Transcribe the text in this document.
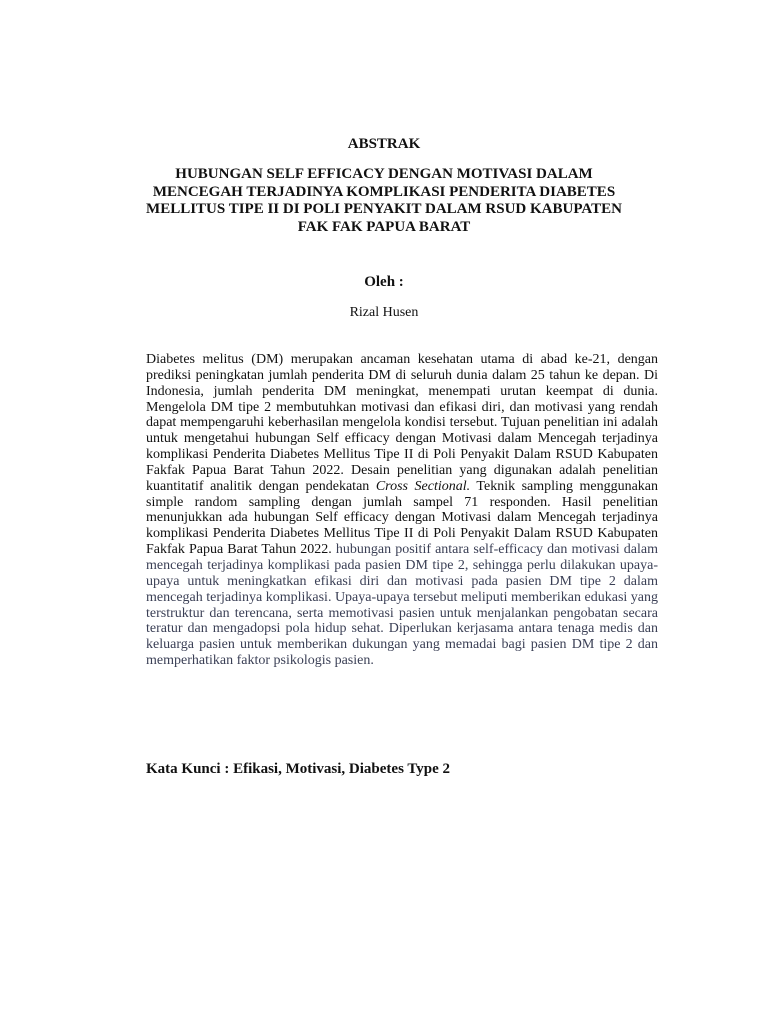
ABSTRAK
HUBUNGAN SELF EFFICACY DENGAN MOTIVASI DALAM
MENCEGAH TERJADINYA KOMPLIKASI PENDERITA DIABETES
MELLITUS TIPE II DI POLI PENYAKIT DALAM RSUD KABUPATEN
FAK FAK PAPUA BARAT
Oleh :
Rizal Husen

Diabetes melitus (DM) merupakan ancaman kesehatan utama di abad ke-21, dengan prediksi peningkatan jumlah penderita DM di seluruh dunia dalam 25 tahun ke depan. Di Indonesia, jumlah penderita DM meningkat, menempati urutan keempat di dunia. Mengelola DM tipe 2 membutuhkan motivasi dan efikasi diri, dan motivasi yang rendah dapat mempengaruhi keberhasilan mengelola kondisi tersebut. Tujuan penelitian ini adalah untuk mengetahui hubungan Self efficacy dengan Motivasi dalam Mencegah terjadinya komplikasi Penderita Diabetes Mellitus Tipe II di Poli Penyakit Dalam RSUD Kabupaten Fakfak Papua Barat Tahun 2022. Desain penelitian yang digunakan adalah penelitian kuantitatif analitik dengan pendekatan Cross Sectional. Teknik sampling menggunakan simple random sampling dengan jumlah sampel 71 responden. Hasil penelitian menunjukkan ada hubungan Self efficacy dengan Motivasi dalam Mencegah terjadinya komplikasi Penderita Diabetes Mellitus Tipe II di Poli Penyakit Dalam RSUD Kabupaten Fakfak Papua Barat Tahun 2022. hubungan positif antara self-efficacy dan motivasi dalam mencegah terjadinya komplikasi pada pasien DM tipe 2, sehingga perlu dilakukan upaya-upaya untuk meningkatkan efikasi diri dan motivasi pada pasien DM tipe 2 dalam mencegah terjadinya komplikasi. Upaya-upaya tersebut meliputi memberikan edukasi yang terstruktur dan terencana, serta memotivasi pasien untuk menjalankan pengobatan secara teratur dan mengadopsi pola hidup sehat. Diperlukan kerjasama antara tenaga medis dan keluarga pasien untuk memberikan dukungan yang memadai bagi pasien DM tipe 2 dan memperhatikan faktor psikologis pasien.

Kata Kunci : Efikasi, Motivasi, Diabetes Type 2
